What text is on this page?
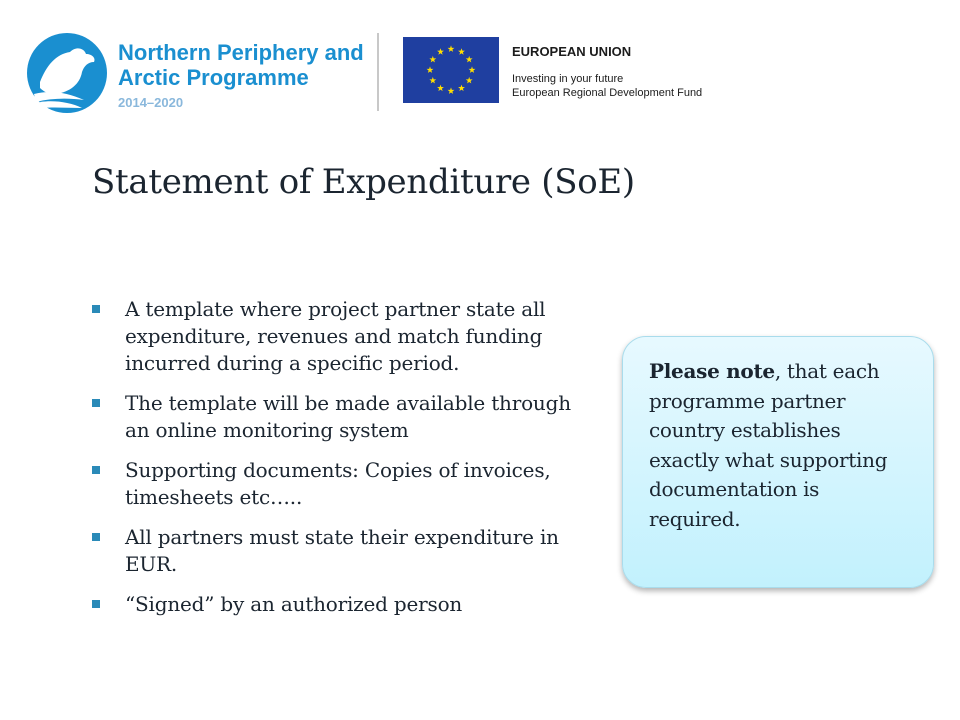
Northern Periphery and
Arctic Programme
2014–2020
EUROPEAN UNION
Investing in your future
European Regional Development Fund
Statement of Expenditure (SoE)
A template where project partner state all expenditure, revenues and match funding incurred during a specific period.
The template will be made available through an online monitoring system
Supporting documents: Copies of invoices, timesheets etc…..
All partners must state their expenditure in EUR.
“Signed” by an authorized person

Please note, that each programme partner country establishes exactly what supporting documentation is required.
